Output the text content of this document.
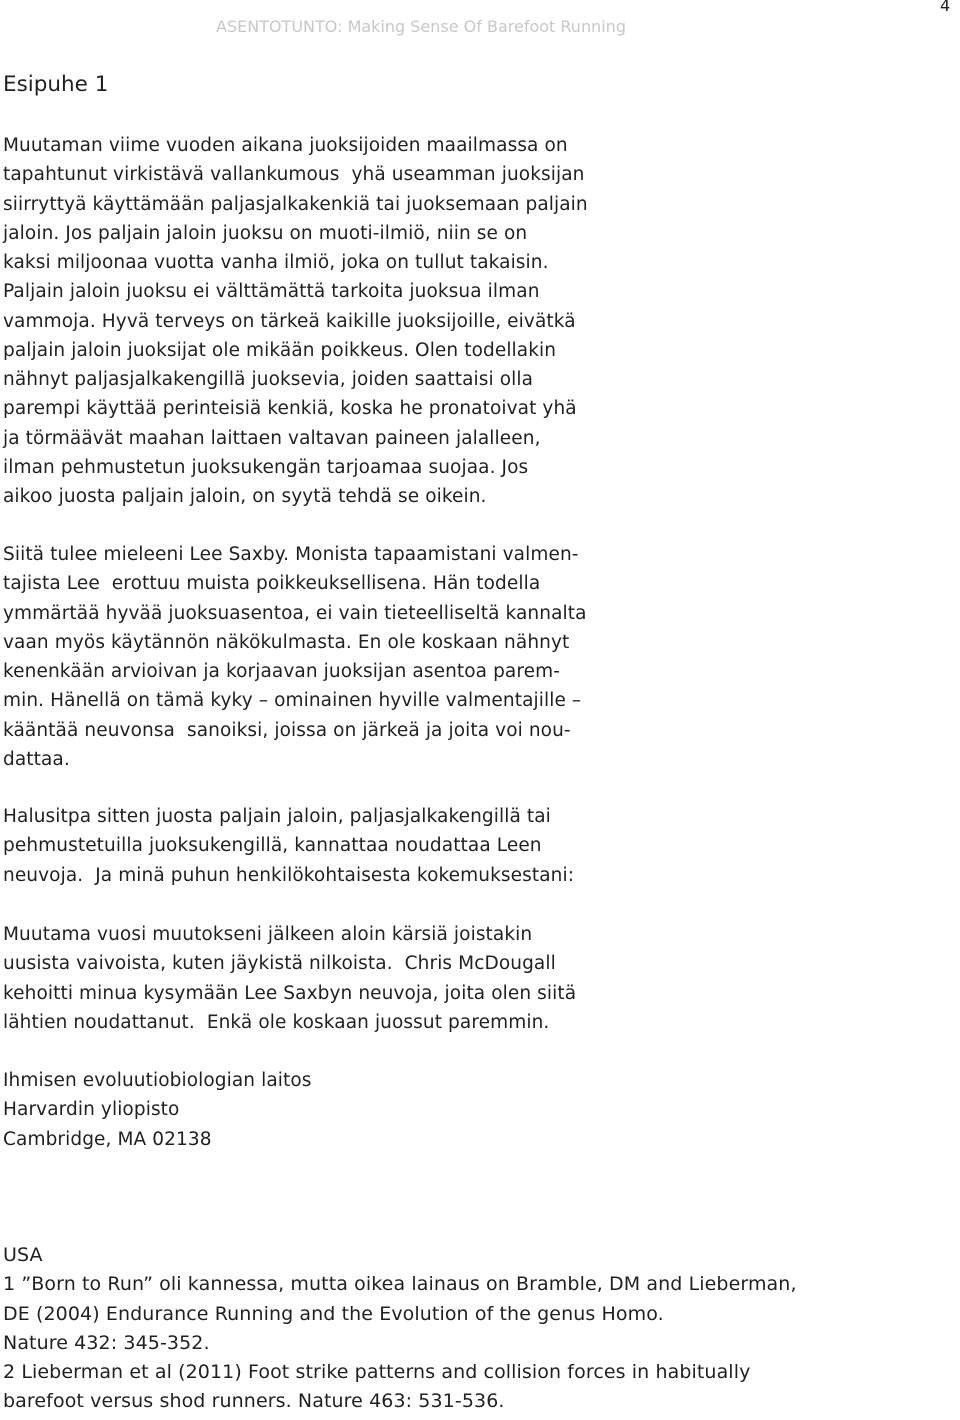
ASENTOTUNTO: Making Sense Of Barefoot Running
4
Esipuhe 1
Muutaman viime vuoden aikana juoksijoiden maailmassa on
tapahtunut virkistävä vallankumous  yhä useamman juoksijan
siirryttyä käyttämään paljasjalkakenkiä tai juoksemaan paljain
jaloin. Jos paljain jaloin juoksu on muoti-ilmiö, niin se on
kaksi miljoonaa vuotta vanha ilmiö, joka on tullut takaisin.
Paljain jaloin juoksu ei välttämättä tarkoita juoksua ilman
vammoja. Hyvä terveys on tärkeä kaikille juoksijoille, eivätkä
paljain jaloin juoksijat ole mikään poikkeus. Olen todellakin
nähnyt paljasjalkakengillä juoksevia, joiden saattaisi olla
parempi käyttää perinteisiä kenkiä, koska he pronatoivat yhä
ja törmäävät maahan laittaen valtavan paineen jalalleen,
ilman pehmustetun juoksukengän tarjoamaa suojaa. Jos
aikoo juosta paljain jaloin, on syytä tehdä se oikein.
Siitä tulee mieleeni Lee Saxby. Monista tapaamistani valmen-
tajista Lee  erottuu muista poikkeuksellisena. Hän todella
ymmärtää hyvää juoksuasentoa, ei vain tieteelliseltä kannalta
vaan myös käytännön näkökulmasta. En ole koskaan nähnyt
kenenkään arvioivan ja korjaavan juoksijan asentoa parem-
min. Hänellä on tämä kyky – ominainen hyville valmentajille –
kääntää neuvonsa  sanoiksi, joissa on järkeä ja joita voi nou-
dattaa.
Halusitpa sitten juosta paljain jaloin, paljasjalkakengillä tai
pehmustetuilla juoksukengillä, kannattaa noudattaa Leen
neuvoja.  Ja minä puhun henkilökohtaisesta kokemuksestani:
Muutama vuosi muutokseni jälkeen aloin kärsiä joistakin
uusista vaivoista, kuten jäykistä nilkoista.  Chris McDougall
kehoitti minua kysymään Lee Saxbyn neuvoja, joita olen siitä
lähtien noudattanut.  Enkä ole koskaan juossut paremmin.
Ihmisen evoluutiobiologian laitos
Harvardin yliopisto
Cambridge, MA 02138
USA
1 ”Born to Run” oli kannessa, mutta oikea lainaus on Bramble, DM and Lieberman,
DE (2004) Endurance Running and the Evolution of the genus Homo.
Nature 432: 345-352.
2 Lieberman et al (2011) Foot strike patterns and collision forces in habitually
barefoot versus shod runners. Nature 463: 531-536.
